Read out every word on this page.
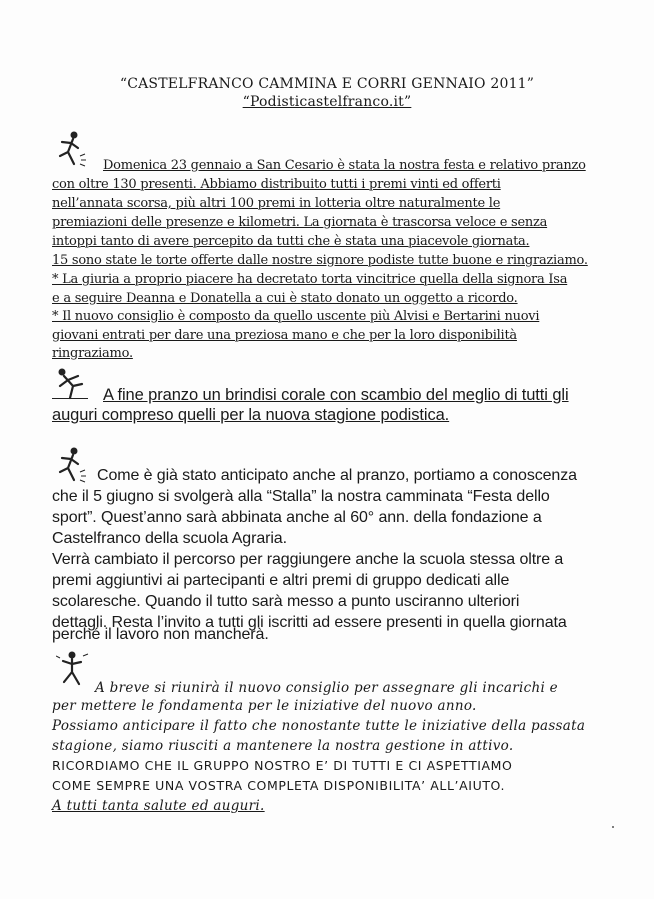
“CASTELFRANCO CAMMINA E CORRI GENNAIO 2011”
“Podisticastelfranco.it”
Domenica 23 gennaio a San Cesario è stata la nostra festa e relativo pranzo
con oltre 130 presenti. Abbiamo distribuito tutti i premi vinti ed offerti
nell’annata scorsa, più altri 100 premi in lotteria oltre naturalmente le
premiazioni delle presenze e kilometri. La giornata è trascorsa veloce e senza
intoppi tanto di avere percepito da tutti che è stata una piacevole giornata.
15 sono state le torte offerte dalle nostre signore podiste tutte buone e ringraziamo.
* La giuria a proprio piacere ha decretato torta vincitrice quella della signora Isa
e a seguire Deanna e Donatella a cui è stato donato un oggetto a ricordo.
* Il nuovo consiglio è composto da quello uscente più Alvisi e Bertarini nuovi
giovani entrati per dare una preziosa mano e che per la loro disponibilità
ringraziamo.
A fine pranzo un brindisi corale con scambio del meglio di tutti gli
auguri compreso quelli per la nuova stagione podistica.
Come è già stato anticipato anche al pranzo, portiamo a conoscenza
che il 5 giugno si svolgerà alla “Stalla” la nostra camminata “Festa dello
sport”. Quest’anno sarà abbinata anche al 60° ann. della fondazione a
Castelfranco della scuola Agraria.
Verrà cambiato il percorso per raggiungere anche la scuola stessa oltre a
premi aggiuntivi ai partecipanti e altri premi di gruppo dedicati alle
scolaresche. Quando il tutto sarà messo a punto usciranno ulteriori
dettagli. Resta l’invito a tutti gli iscritti ad essere presenti in quella giornata
perché il lavoro non mancherà.
A breve si riunirà il nuovo consiglio per assegnare gli incarichi e
per mettere le fondamenta per le iniziative del nuovo anno.
Possiamo anticipare il fatto che nonostante tutte le iniziative della passata
stagione, siamo riusciti a mantenere la nostra gestione in attivo.
RICORDIAMO CHE IL GRUPPO NOSTRO E’ DI TUTTI E CI ASPETTIAMO
COME SEMPRE UNA VOSTRA COMPLETA DISPONIBILITA’ ALL’AIUTO.
A tutti tanta salute ed auguri.
